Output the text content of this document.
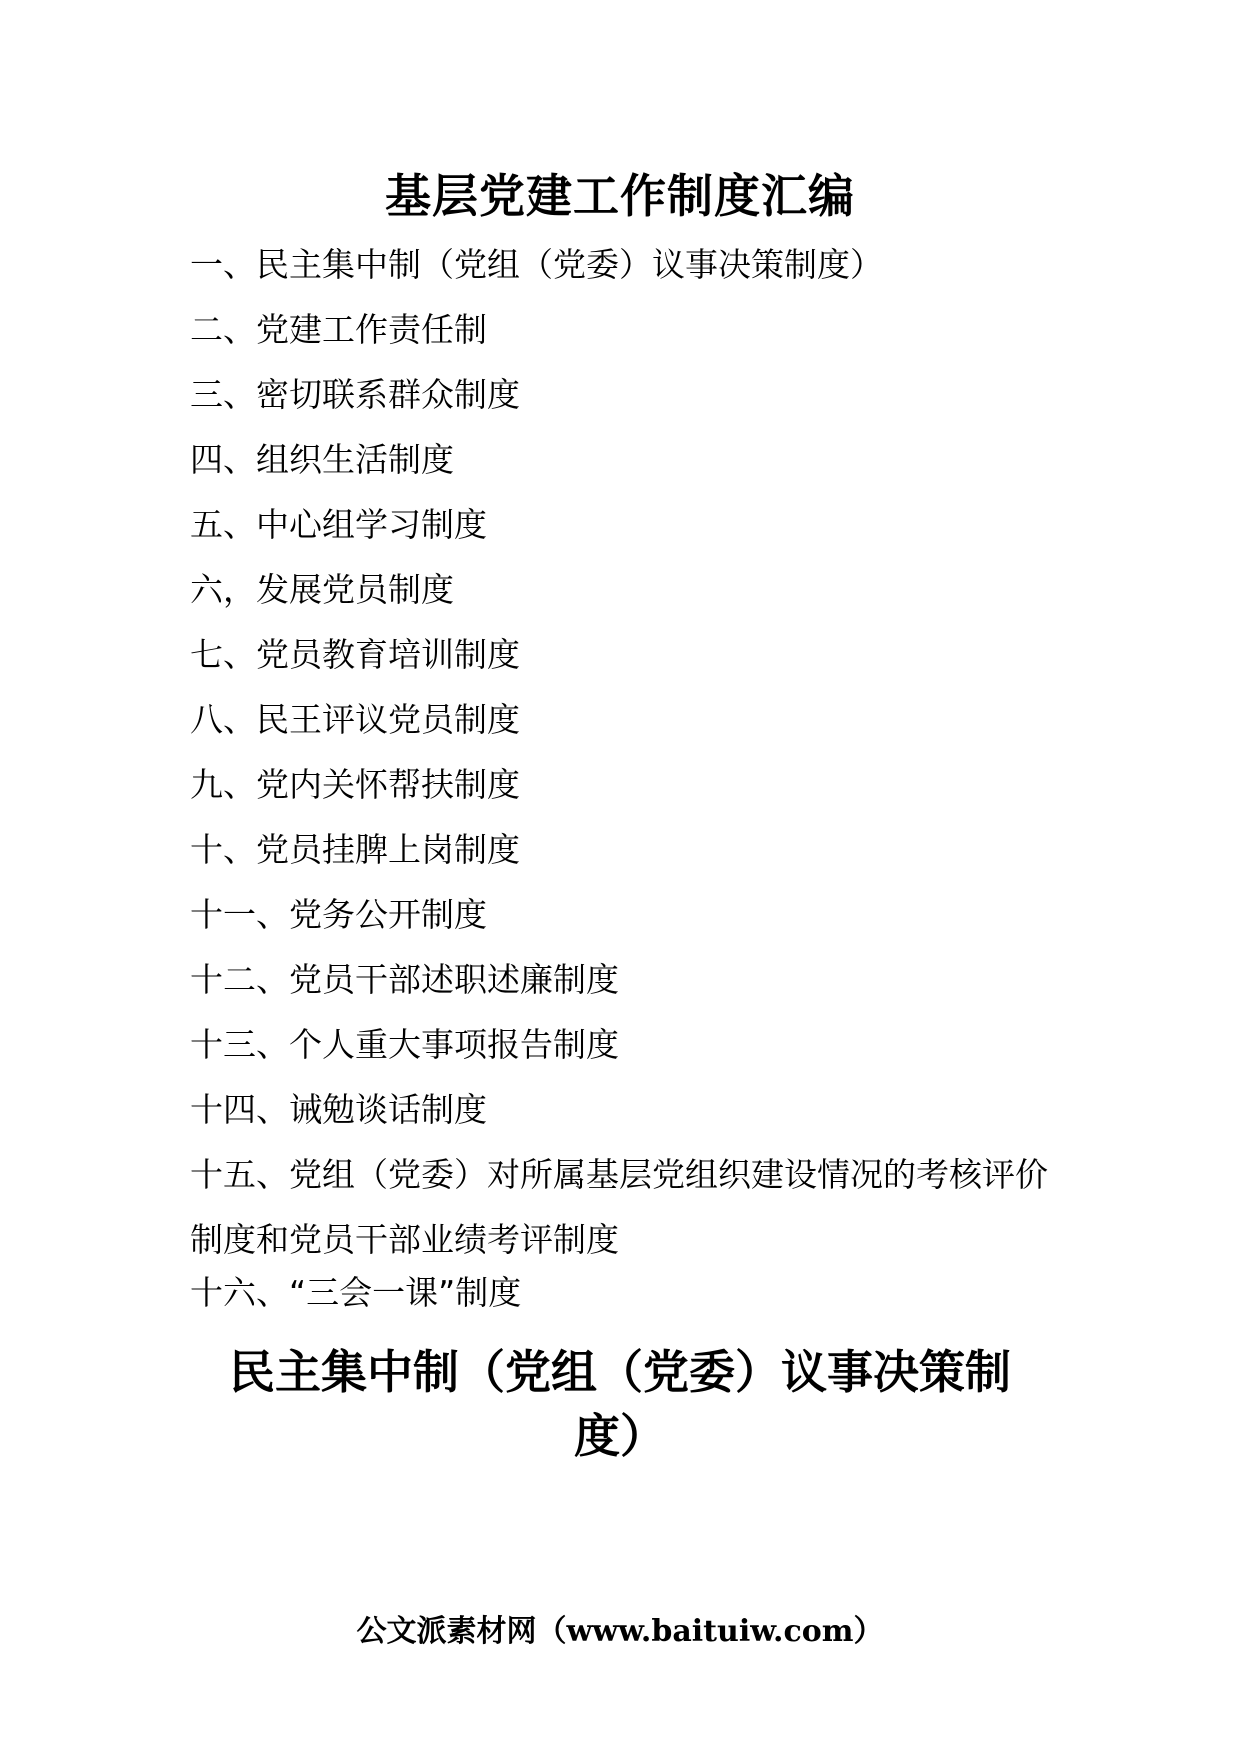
基层党建工作制度汇编
一、民主集中制（党组（党委）议事决策制度）
二、党建工作责任制
三、密切联系群众制度
四、组织生活制度
五、中心组学习制度
六，发展党员制度
七、党员教育培训制度
八、民王评议党员制度
九、党内关怀帮扶制度
十、党员挂脾上岗制度
十一、党务公开制度
十二、党员干部述职述廉制度
十三、个人重大事项报告制度
十四、诫勉谈话制度
十五、党组（党委）对所属基层党组织建设情况的考核评价制度和党员干部业绩考评制度
十六、“三会一课”制度
民主集中制（党组（党委）议事决策制
度）
公文派素材网（www.baituiw.com）
